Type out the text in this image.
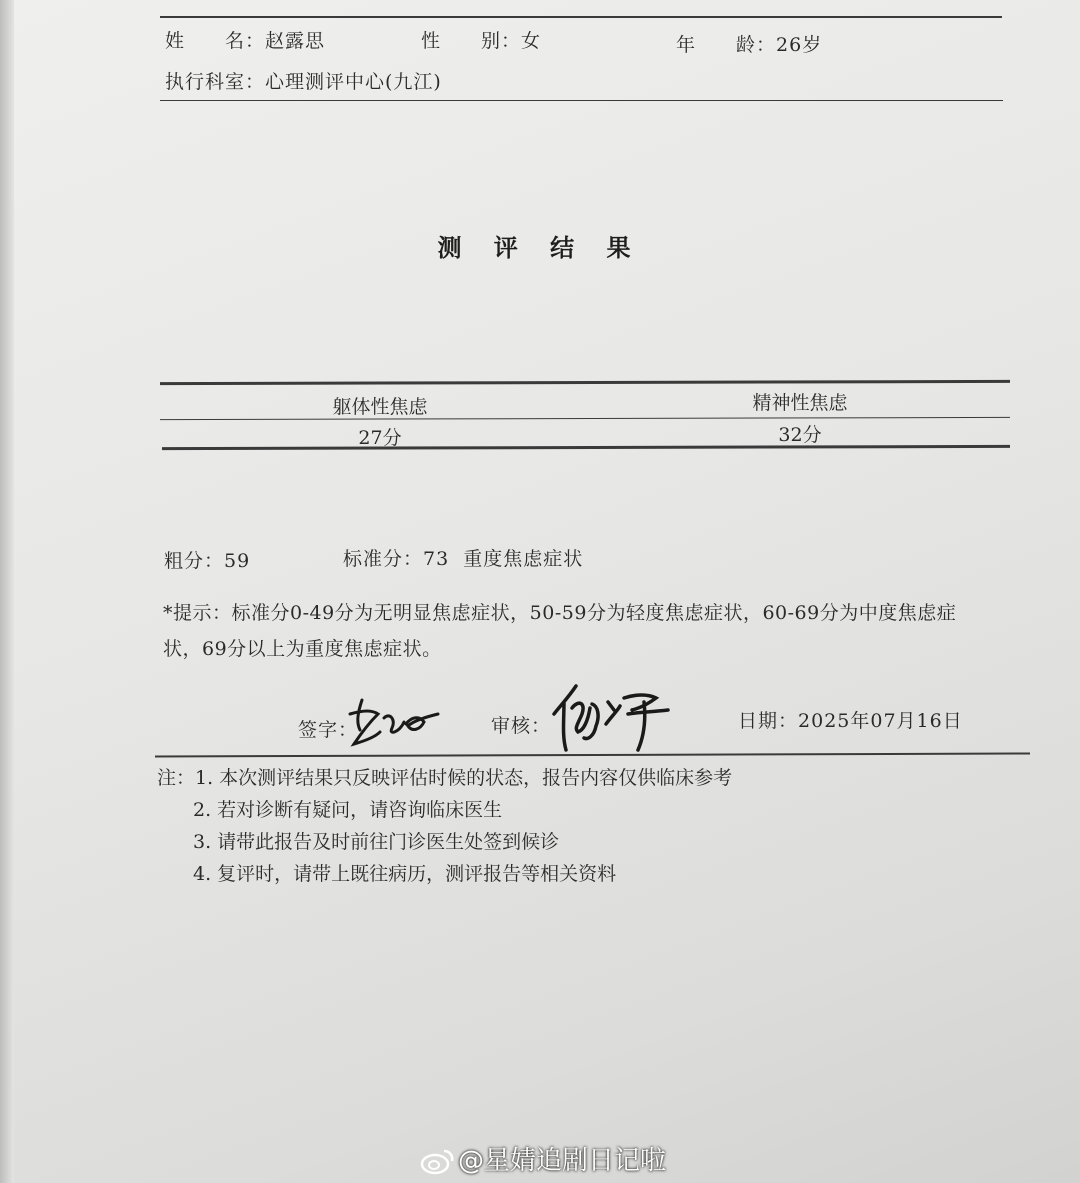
姓　　名：赵露思	性　　别：女	年　　龄：26岁
执行科室：心理测评中心(九江)
测 评 结 果
躯体性焦虑	精神性焦虑
27分	32分
粗分：59	标准分：73 重度焦虑症状
*提示：标准分0-49分为无明显焦虑症状，50-59分为轻度焦虑症状，60-69分为中度焦虑症状，69分以上为重度焦虑症状。
签字：	审核：	日期：2025年07月16日
注：1. 本次测评结果只反映评估时候的状态，报告内容仅供临床参考
2. 若对诊断有疑问，请咨询临床医生
3. 请带此报告及时前往门诊医生处签到候诊
4. 复评时，请带上既往病历，测评报告等相关资料
@星婧追剧日记啦
